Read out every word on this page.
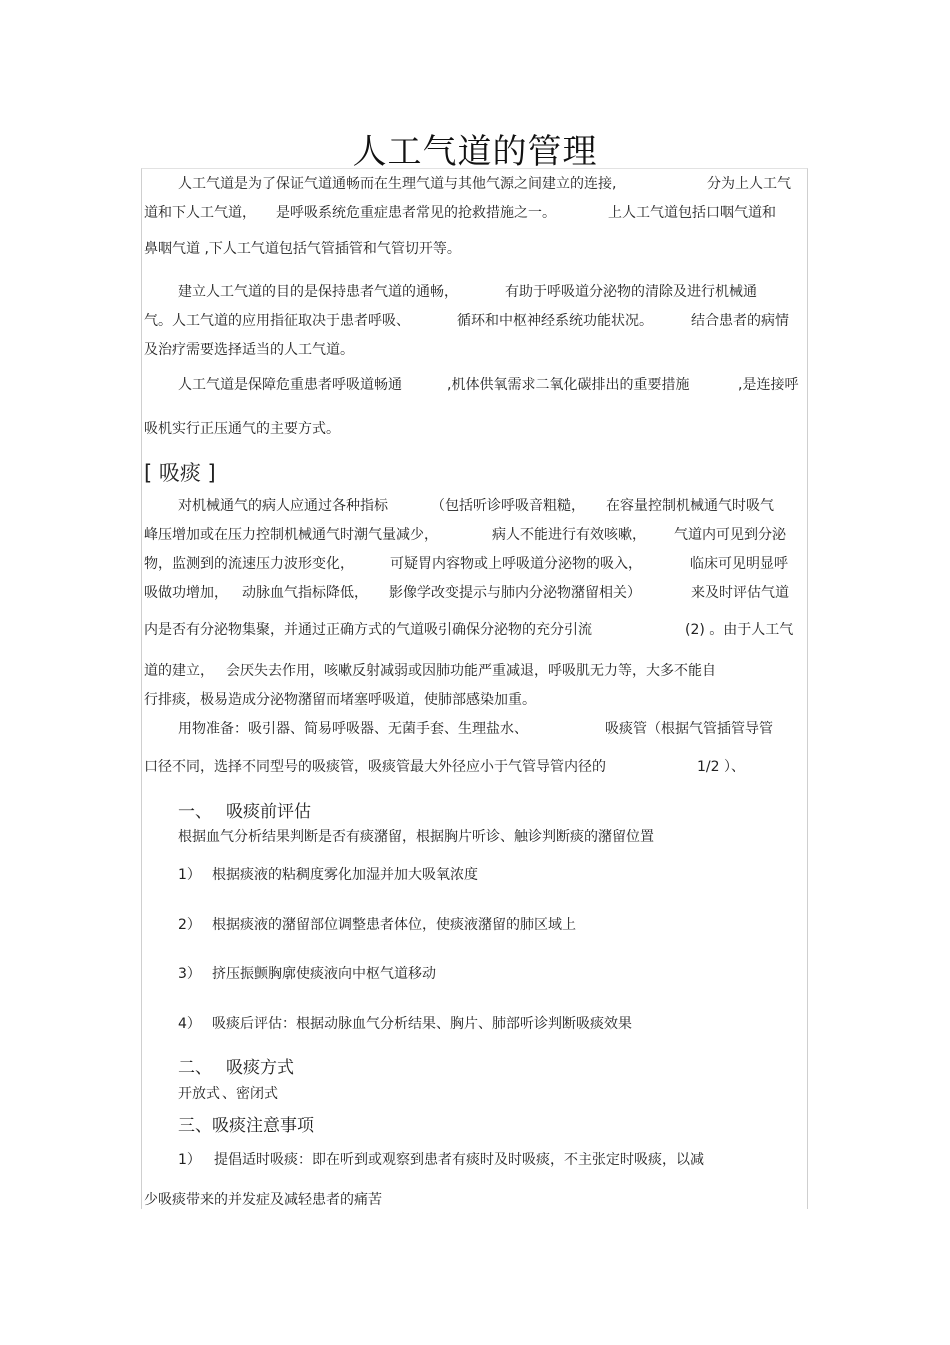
人工气道的管理
人工气道是为了保证气道通畅而在生理气道与其他气源之间建立的连接,	分为上人工气
道和下人工气道， 是呼吸系统危重症患者常见的抢救措施之一。	上人工气道包括口咽气道和
鼻咽气道 ,下人工气道包括气管插管和气管切开等。
建立人工气道的目的是保持患者气道的通畅，	有助于呼吸道分泌物的清除及进行机械通
气。人工气道的应用指征取决于患者呼吸、	循环和中枢神经系统功能状况。	结合患者的病情
及治疗需要选择适当的人工气道。
人工气道是保障危重患者呼吸道畅通	,机体供氧需求二氧化碳排出的重要措施	,是连接呼
吸机实行正压通气的主要方式。
[ 吸痰 ]
对机械通气的病人应通过各种指标	（包括听诊呼吸音粗糙， 在容量控制机械通气时吸气
峰压增加或在压力控制机械通气时潮气量减少，	病人不能进行有效咳嗽， 气道内可见到分泌
物，监测到的流速压力波形变化，	可疑胃内容物或上呼吸道分泌物的吸入，	临床可见明显呼
吸做功增加， 动脉血气指标降低， 影像学改变提示与肺内分泌物潴留相关）	来及时评估气道
内是否有分泌物集聚，并通过正确方式的气道吸引确保分泌物的充分引流	(2) 。由于人工气
道的建立， 会厌失去作用，咳嗽反射减弱或因肺功能严重减退，呼吸肌无力等，大多不能自
行排痰，极易造成分泌物潴留而堵塞呼吸道，使肺部感染加重。
用物准备：吸引器、简易呼吸器、无菌手套、生理盐水、	吸痰管（根据气管插管导管
口径不同，选择不同型号的吸痰管，吸痰管最大外径应小于气管导管内径的	1/2 ）、
一、 吸痰前评估
根据血气分析结果判断是否有痰潴留，根据胸片听诊、触诊判断痰的潴留位置
1） 根据痰液的粘稠度雾化加湿并加大吸氧浓度
2） 根据痰液的潴留部位调整患者体位，使痰液潴留的肺区域上
3） 挤压振颤胸廓使痰液向中枢气道移动
4） 吸痰后评估：根据动脉血气分析结果、胸片、肺部听诊判断吸痰效果
二、 吸痰方式
开放式 、密闭式
三、吸痰注意事项
1） 提倡适时吸痰：即在听到或观察到患者有痰时及时吸痰，不主张定时吸痰，以减
少吸痰带来的并发症及减轻患者的痛苦
